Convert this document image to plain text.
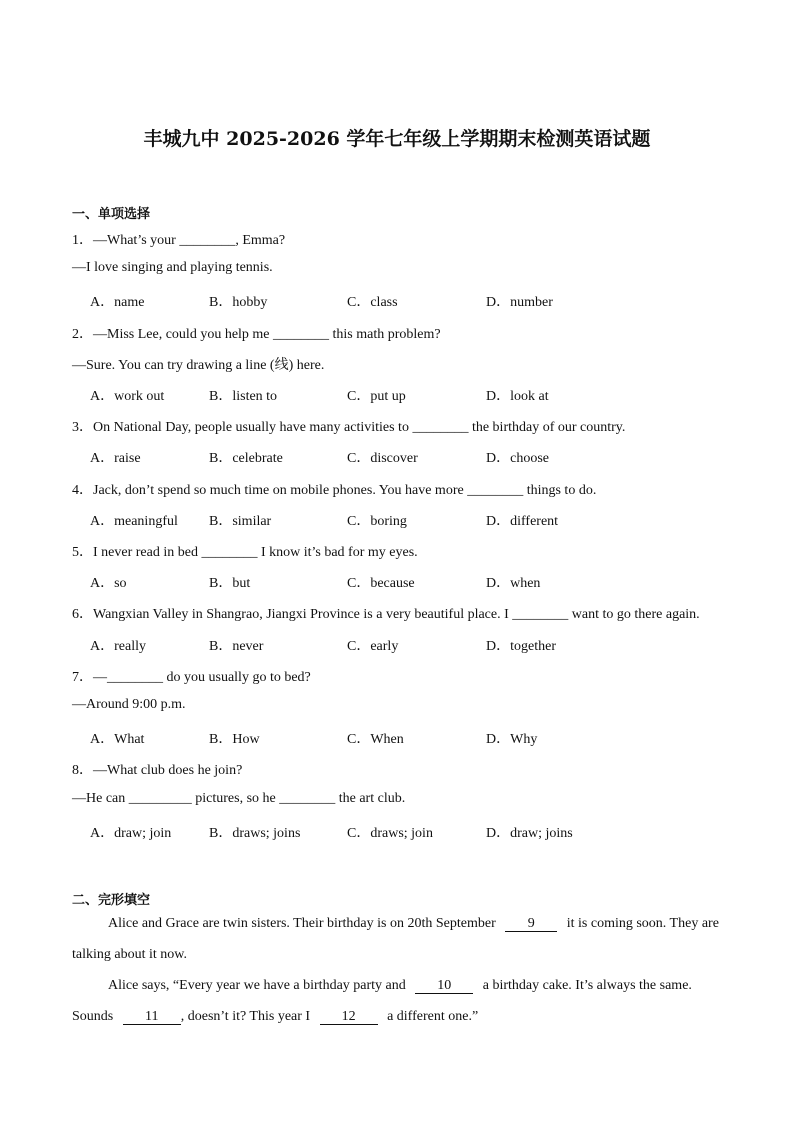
丰城九中 2025-2026 学年七年级上学期期末检测英语试题
一、单项选择
1．—What’s your ________, Emma?
—I love singing and playing tennis.
A．name	B．hobby	C．class	D．number
2．—Miss Lee, could you help me ________ this math problem?
—Sure. You can try drawing a line (线) here.
A．work out	B．listen to	C．put up	D．look at
3．On National Day, people usually have many activities to ________ the birthday of our country.
A．raise	B．celebrate	C．discover	D．choose
4．Jack, don’t spend so much time on mobile phones. You have more ________ things to do.
A．meaningful B．similar	C．boring	D．different
5．I never read in bed ________ I know it’s bad for my eyes.
A．so	B．but	C．because	D．when
6．Wangxian Valley in Shangrao, Jiangxi Province is a very beautiful place. I ________ want to go there again.
A．really	B．never	C．early	D．together
7．—________ do you usually go to bed?
—Around 9:00 p.m.
A．What	B．How	C．When	D．Why
8．—What club does he join?
—He can _________ pictures, so he ________ the art club.
A．draw; join	B．draws; joins	C．draws; join	D．draw; joins
二、完形填空
Alice and Grace are twin sisters. Their birthday is on 20th September 9 it is coming soon. They are
talking about it now.
Alice says, “Every year we have a birthday party and 10 a birthday cake. It’s always the same.
Sounds 11 , doesn’t it? This year I 12 a different one.”
